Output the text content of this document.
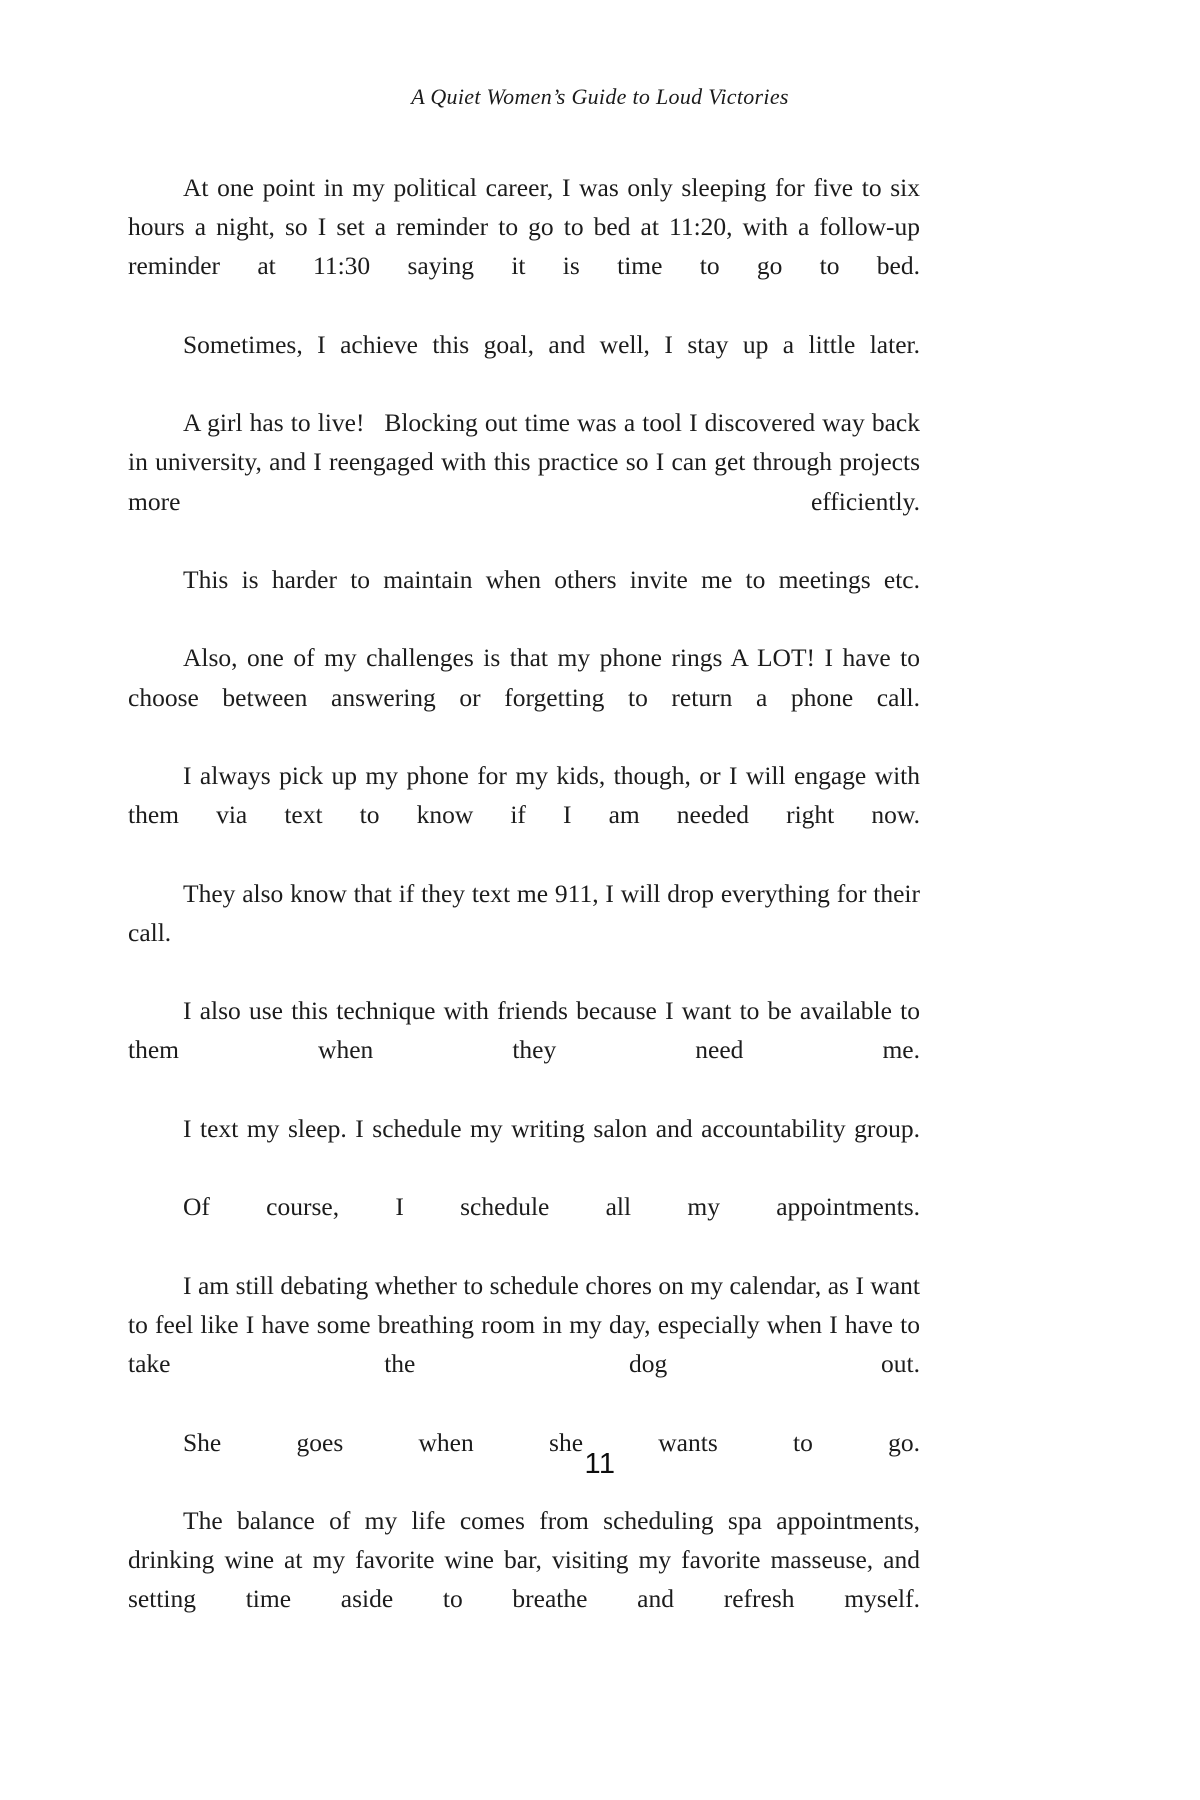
A Quiet Women’s Guide to Loud Victories

At one point in my political career, I was only sleeping for five to six hours a night, so I set a reminder to go to bed at 11:20, with a follow-up reminder at 11:30 saying it is time to go to bed.

Sometimes, I achieve this goal, and well, I stay up a little later.

A girl has to live!  Blocking out time was a tool I discovered way back in university, and I reengaged with this practice so I can get through projects more efficiently.

This is harder to maintain when others invite me to meetings etc.

Also, one of my challenges is that my phone rings A LOT! I have to choose between answering or forgetting to return a phone call.

I always pick up my phone for my kids, though, or I will engage with them via text to know if I am needed right now.

They also know that if they text me 911, I will drop everything for their call.

I also use this technique with friends because I want to be available to them when they need me.

I text my sleep. I schedule my writing salon and accountability group.

Of course, I schedule all my appointments.

I am still debating whether to schedule chores on my calendar, as I want to feel like I have some breathing room in my day, especially when I have to take the dog out.

She goes when she wants to go.

The balance of my life comes from scheduling spa appointments, drinking wine at my favorite wine bar, visiting my favorite masseuse, and setting time aside to breathe and refresh myself.

11
